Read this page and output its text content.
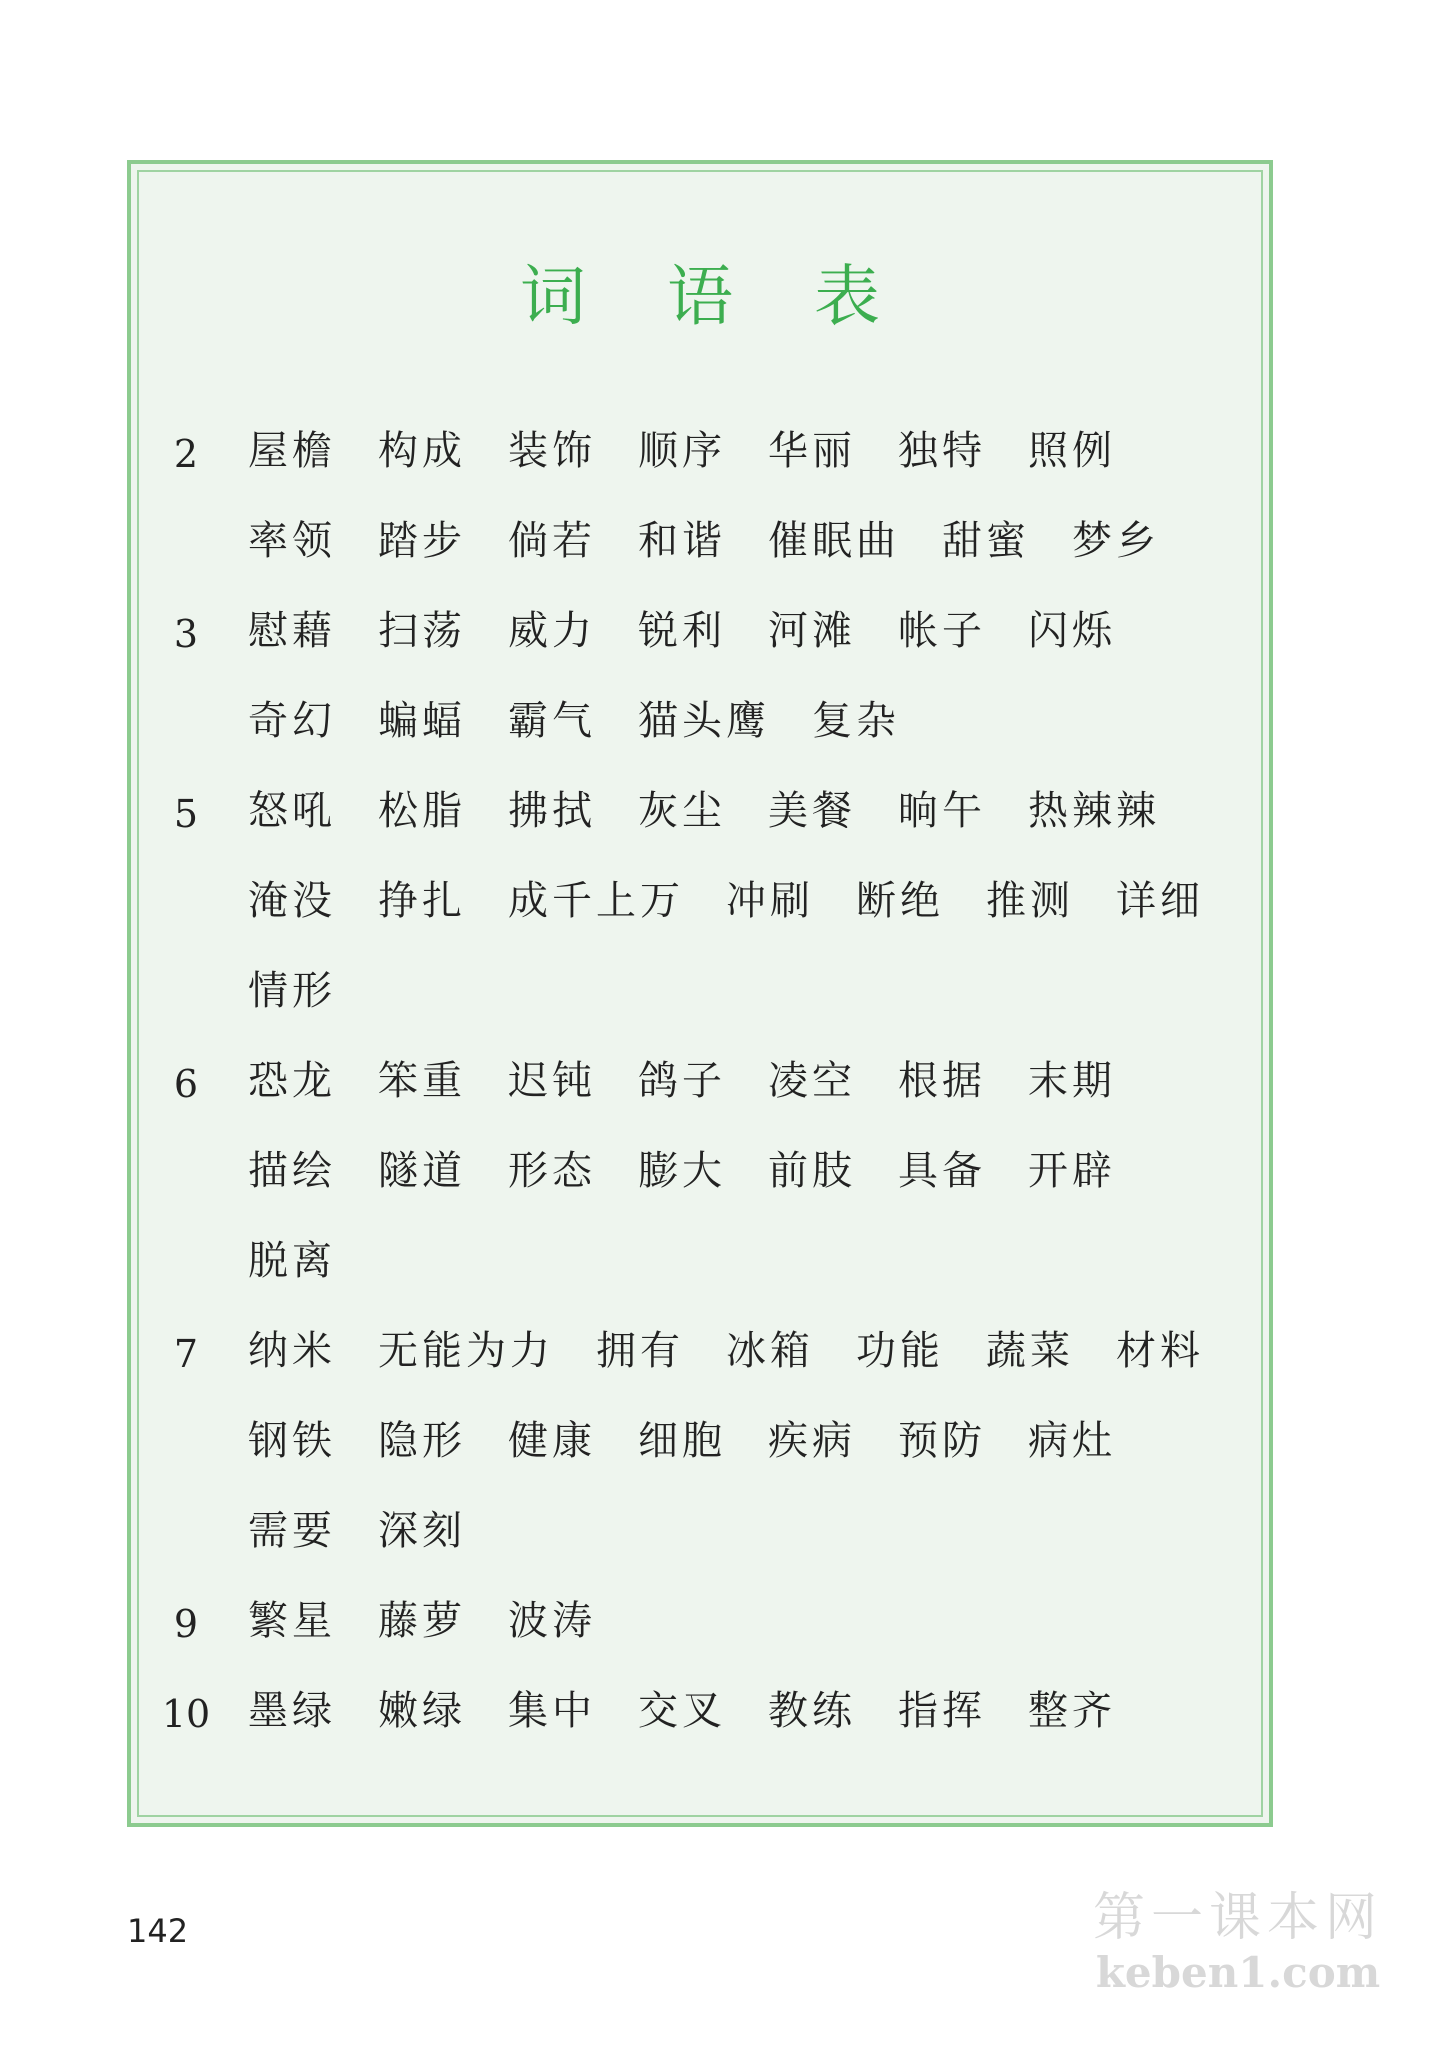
词 语 表
2	屋檐 构成 装饰 顺序 华丽 独特 照例
率领 踏步 倘若 和谐 催眠曲 甜蜜 梦乡
3	慰藉 扫荡 威力 锐利 河滩 帐子 闪烁
奇幻 蝙蝠 霸气 猫头鹰 复杂
5	怒吼 松脂 拂拭 灰尘 美餐 晌午 热辣辣
淹没 挣扎 成千上万 冲刷 断绝 推测 详细
情形
6	恐龙 笨重 迟钝 鸽子 凌空 根据 末期
描绘 隧道 形态 膨大 前肢 具备 开辟
脱离
7	纳米 无能为力 拥有 冰箱 功能 蔬菜 材料
钢铁 隐形 健康 细胞 疾病 预防 病灶
需要 深刻
9	繁星 藤萝 波涛
10 墨绿 嫩绿 集中 交叉 教练 指挥 整齐
142	第一课本网
keben1.com
